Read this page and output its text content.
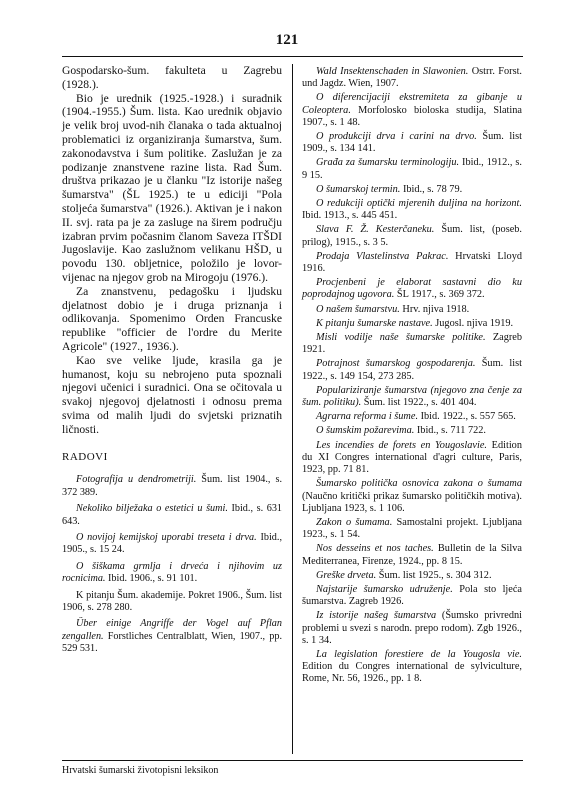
121

Gospodarsko-šum. fakulteta u Zagrebu (1928.).

Bio je urednik (1925.-1928.) i suradnik (1904.-1955.) Šum. lista. Kao urednik objavio je velik broj uvod-nih članaka o tada aktualnoj problematici iz organiziranja šumarstva, šum. zakonodavstva i šum politike. Zaslužan je za podizanje znanstvene razine lista. Rad Šum. društva prikazao je u članku "Iz istorije našeg šumarstva" (ŠL 1925.) te u ediciji "Pola stoljeća šumarstva" (1926.). Aktivan je i nakon II. svj. rata pa je za zasluge na širem području izabran prvim počasnim članom Saveza ITŠDI Jugoslavije. Kao zaslužnom velikanu HŠD, u povodu 130. obljetnice, položilo je lovor-vijenac na njegov grob na Mirogoju (1976.).

Za znanstvenu, pedagošku i ljudsku djelatnost dobio je i druga priznanja i odlikovanja. Spomenimo Orden Francuske republike "officier de l'ordre du Merite Agricole" (1927., 1936.).

Kao sve velike ljude, krasila ga je humanost, koju su nebrojeno puta spoznali njegovi učenici i suradnici. Ona se očitovala u svakoj njegovoj djelatnosti i odnosu prema svima od malih ljudi do svjetski priznatih ličnosti.

RADOVI

Fotografija u dendrometriji. Šum. list 1904., s. 372 389.

Nekoliko bilježaka o estetici u šumi. Ibid., s. 631 643.

O novijoj kemijskoj uporabi treseta i drva. Ibid., 1905., s. 15 24.

O šiškama grmlja i drveća i njihovim uz rocnicima. Ibid. 1906., s. 91 101.

K pitanju Šum. akademije. Pokret 1906., Šum. list 1906, s. 278 280.

Über einige Angriffe der Vogel auf Pflan zengallen. Forstliches Centralblatt, Wien, 1907., pp. 529 531.

Wald Insektenschaden in Slawonien. Ostrr. Forst. und Jagdz. Wien, 1907.

O diferencijaciji ekstremiteta za gibanje u Coleoptera. Morfolosko bioloska studija, Slatina 1907., s. 1 48.

O produkciji drva i carini na drvo. Šum. list 1909., s. 134 141.

Građa za šumarsku terminologiju. Ibid., 1912., s. 9 15.

O šumarskoj termin. Ibid., s. 78 79.

O redukciji optički mjerenih duljina na horizont. Ibid. 1913., s. 445 451.

Slava F. Ž. Kesterčaneku. Šum. list, (poseb. prilog), 1915., s. 3 5.

Prodaja Vlastelinstva Pakrac. Hrvatski Lloyd 1916.

Procjenbeni je elaborat sastavni dio ku poprodajnog ugovora. ŠL 1917., s. 369 372.

O našem šumarstvu. Hrv. njiva 1918.

K pitanju šumarske nastave. Jugosl. njiva 1919.

Misli vodilje naše šumarske politike. Zagreb 1921.

Potrajnost šumarskog gospodarenja. Šum. list 1922., s. 149 154, 273 285.

Populariziranje šumarstva (njegovo zna čenje za šum. politiku). Šum. list 1922., s. 401 404.

Agrarna reforma i šume. Ibid. 1922., s. 557 565.

O šumskim požarevima. Ibid., s. 711 722.

Les incendies de forets en Yougoslavie. Edition du XI Congres international d'agri culture, Paris, 1923, pp. 71 81.

Šumarsko politička osnovica zakona o šumama (Naučno kritički prikaz šumarsko političkih motiva). Ljubljana 1923, s. 1 106.

Zakon o šumama. Samostalni projekt. Ljubljana 1923., s. 1 54.

Nos desseins et nos taches. Bulletin de la Silva Mediterranea, Firenze, 1924., pp. 8 15.

Greške drveta. Šum. list 1925., s. 304 312.

Najstarije šumarsko udruženje. Pola sto ljeća šumarstva. Zagreb 1926.

Iz istorije našeg šumarstva (Šumsko privredni problemi u svezi s narodn. prepo rodom). Zgb 1926., s. 1 34.

La legislation forestiere de la Yougosla vie. Edition du Congres international de sylviculture, Rome, Nr. 56, 1926., pp. 1 8.

Hrvatski šumarski životopisni leksikon
